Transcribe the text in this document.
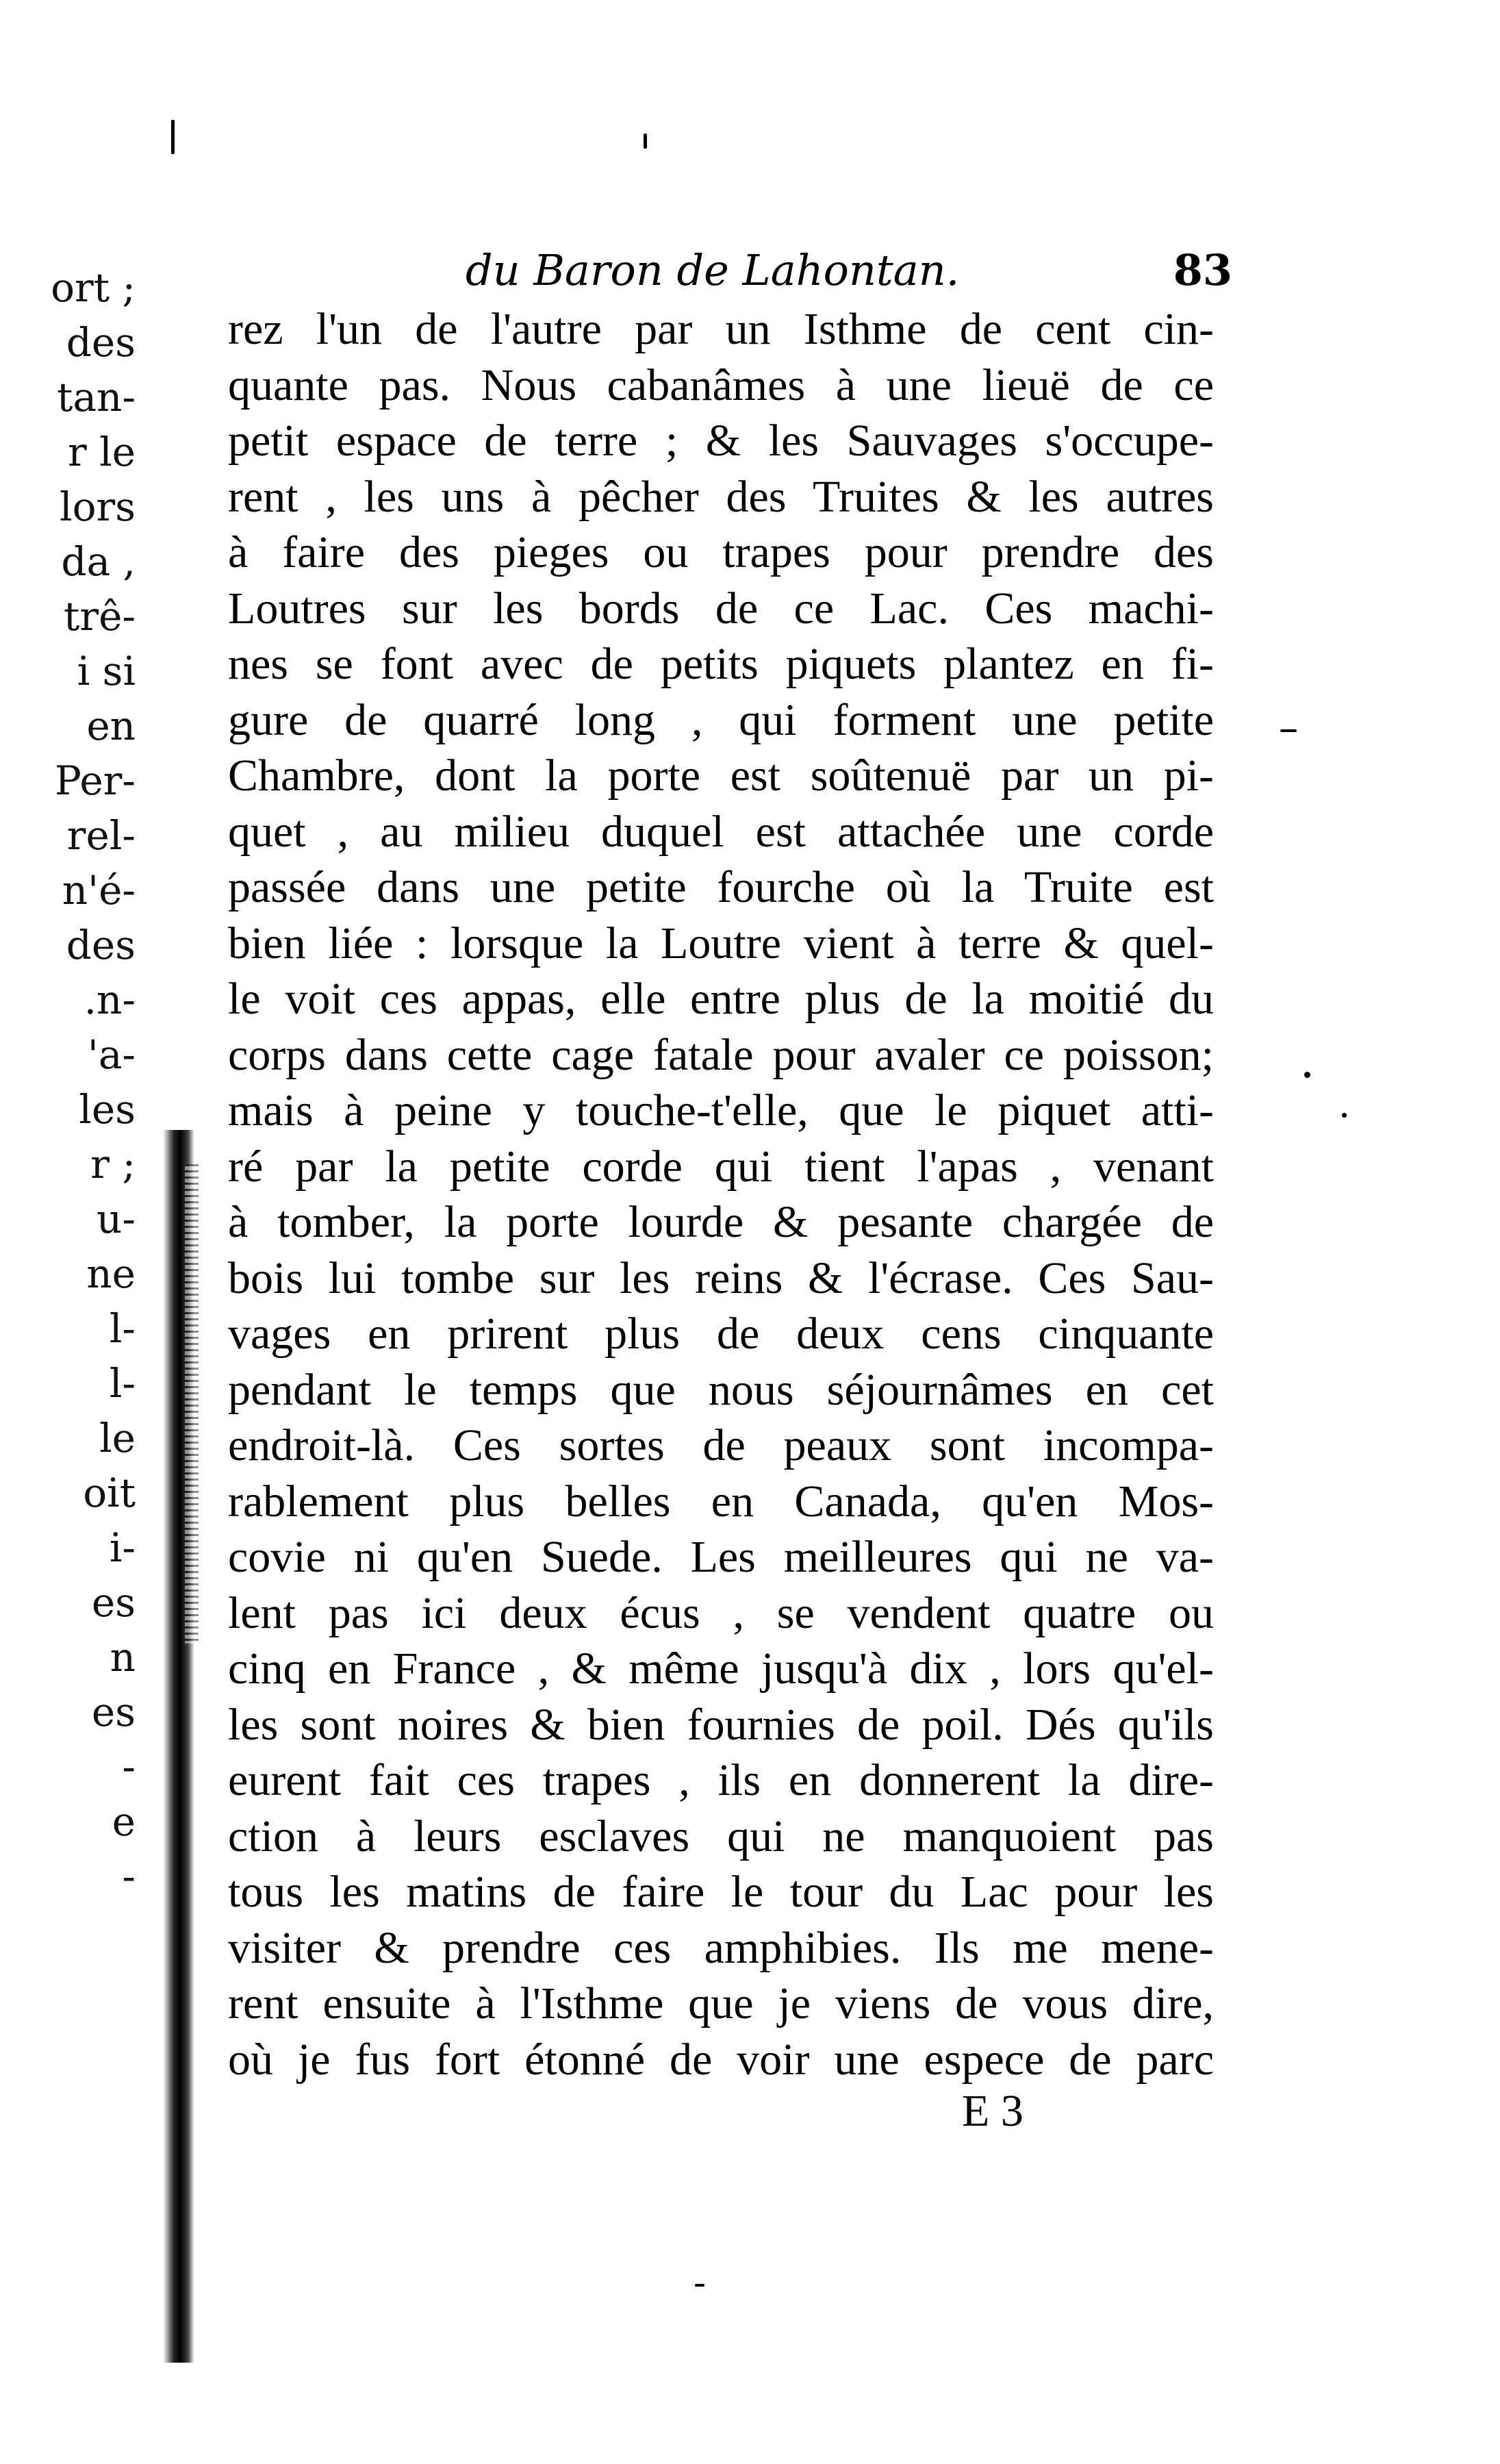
ort ;
des
tan-
r le
lors
da ,
trê-
i si
en
Per-
rel-
n'é-
des
.n-
'a-
les
r ;
u-
ne
l-
l-
le
oit
i-
es
n
es
-
e
-
du Baron de Lahontan.	83
rez l'un de l'autre par un Isthme de cent cin-
quante pas. Nous cabanâmes à une lieuë de ce
petit espace de terre ; & les Sauvages s'occupe-
rent , les uns à pêcher des Truites & les autres
à faire des pieges ou trapes pour prendre des
Loutres sur les bords de ce Lac. Ces machi-
nes se font avec de petits piquets plantez en fi-
gure de quarré long , qui forment une petite
Chambre, dont la porte est soûtenuë par un pi-
quet , au milieu duquel est attachée une corde
passée dans une petite fourche où la Truite est
bien liée : lorsque la Loutre vient à terre & quel-
le voit ces appas, elle entre plus de la moitié du
corps dans cette cage fatale pour avaler ce poisson;
mais à peine y touche-t'elle, que le piquet atti-
ré par la petite corde qui tient l'apas , venant
à tomber, la porte lourde & pesante chargée de
bois lui tombe sur les reins & l'écrase. Ces Sau-
vages en prirent plus de deux cens cinquante
pendant le temps que nous séjournâmes en cet
endroit-là. Ces sortes de peaux sont incompa-
rablement plus belles en Canada, qu'en Mos-
covie ni qu'en Suede. Les meilleures qui ne va-
lent pas ici deux écus , se vendent quatre ou
cinq en France , & même jusqu'à dix , lors qu'el-
les sont noires & bien fournies de poil. Dés qu'ils
eurent fait ces trapes , ils en donnerent la dire-
ction à leurs esclaves qui ne manquoient pas
tous les matins de faire le tour du Lac pour les
visiter & prendre ces amphibies. Ils me mene-
rent ensuite à l'Isthme que je viens de vous dire,
où je fus fort étonné de voir une espece de parc
E 3
